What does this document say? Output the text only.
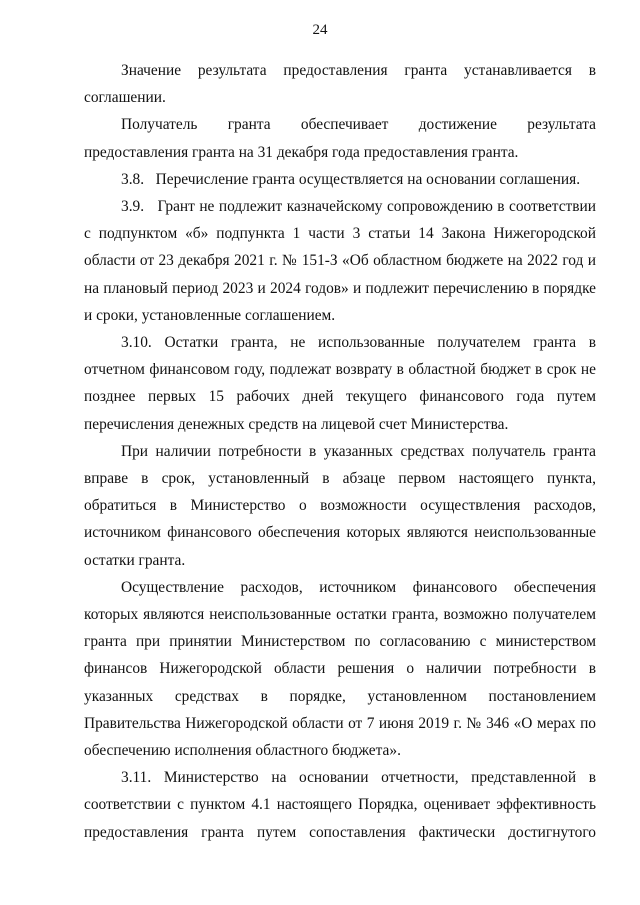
24

Значение результата предоставления гранта устанавливается в соглашении.

Получатель гранта обеспечивает достижение результата предоставления гранта на 31 декабря года предоставления гранта.

3.8.   Перечисление гранта осуществляется на основании соглашения.

3.9.   Грант не подлежит казначейскому сопровождению в соответствии с подпунктом «б» подпункта 1 части 3 статьи 14 Закона Нижегородской области от 23 декабря 2021 г. № 151-З «Об областном бюджете на 2022 год и на плановый период 2023 и 2024 годов» и подлежит перечислению в порядке и сроки, установленные соглашением.

3.10. Остатки гранта, не использованные получателем гранта в отчетном финансовом году, подлежат возврату в областной бюджет в срок не позднее первых 15 рабочих дней текущего финансового года путем перечисления денежных средств на лицевой счет Министерства.

При наличии потребности в указанных средствах получатель гранта вправе в срок, установленный в абзаце первом настоящего пункта, обратиться в Министерство о возможности осуществления расходов, источником финансового обеспечения которых являются неиспользованные остатки гранта.

Осуществление расходов, источником финансового обеспечения которых являются неиспользованные остатки гранта, возможно получателем гранта при принятии Министерством по согласованию с министерством финансов Нижегородской области решения о наличии потребности в указанных средствах в порядке, установленном постановлением Правительства Нижегородской области от 7 июня 2019 г. № 346 «О мерах по обеспечению исполнения областного бюджета».

3.11. Министерство на основании отчетности, представленной в соответствии с пунктом 4.1 настоящего Порядка, оценивает эффективность предоставления гранта путем сопоставления фактически достигнутого
